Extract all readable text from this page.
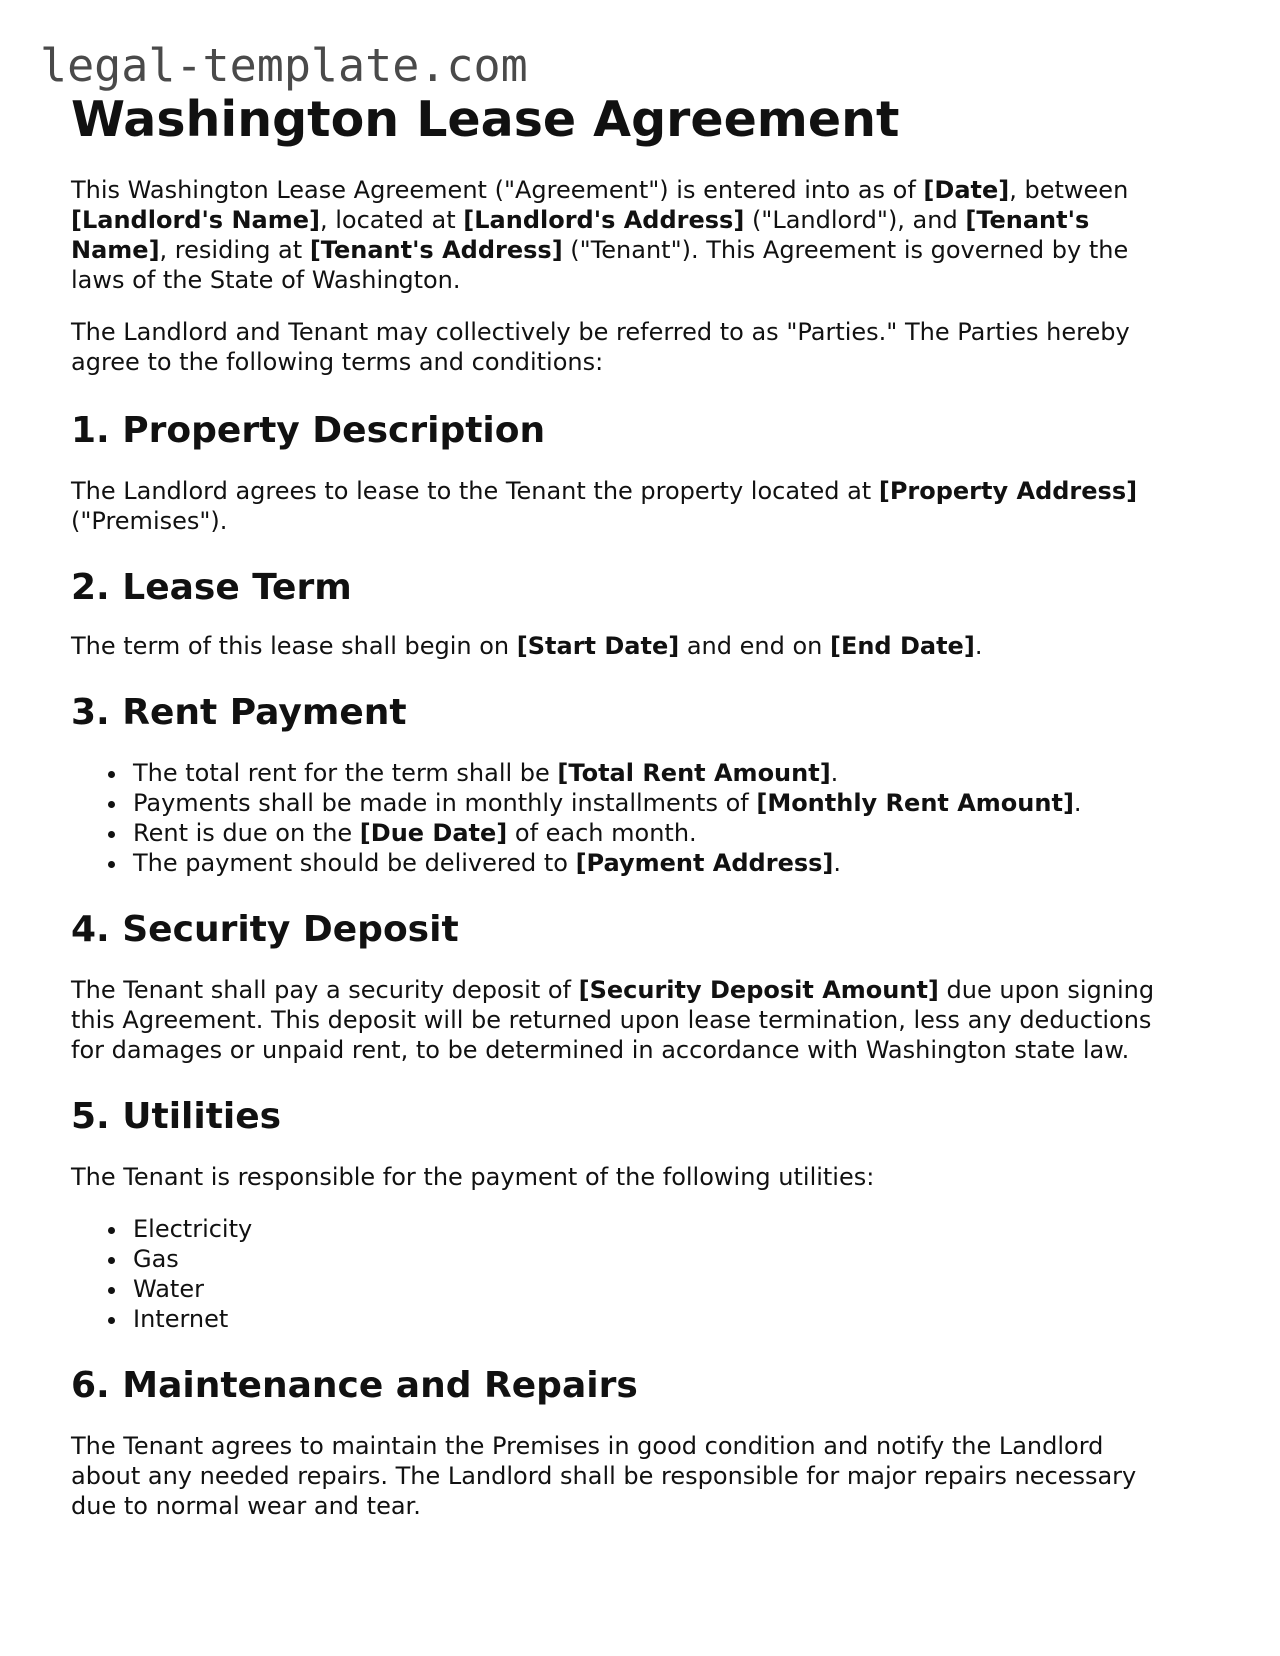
legal-template.com
Washington Lease Agreement

This Washington Lease Agreement ("Agreement") is entered into as of [Date], between
[Landlord's Name], located at [Landlord's Address] ("Landlord"), and [Tenant's
Name], residing at [Tenant's Address] ("Tenant"). This Agreement is governed by the
laws of the State of Washington.

The Landlord and Tenant may collectively be referred to as "Parties." The Parties hereby
agree to the following terms and conditions:

1. Property Description

The Landlord agrees to lease to the Tenant the property located at [Property Address]
("Premises").

2. Lease Term

The term of this lease shall begin on [Start Date] and end on [End Date].

3. Rent Payment
The total rent for the term shall be [Total Rent Amount].
Payments shall be made in monthly installments of [Monthly Rent Amount].
Rent is due on the [Due Date] of each month.
The payment should be delivered to [Payment Address].
4. Security Deposit

The Tenant shall pay a security deposit of [Security Deposit Amount] due upon signing
this Agreement. This deposit will be returned upon lease termination, less any deductions
for damages or unpaid rent, to be determined in accordance with Washington state law.

5. Utilities

The Tenant is responsible for the payment of the following utilities:

Electricity
Gas
Water
Internet
6. Maintenance and Repairs

The Tenant agrees to maintain the Premises in good condition and notify the Landlord
about any needed repairs. The Landlord shall be responsible for major repairs necessary
due to normal wear and tear.
